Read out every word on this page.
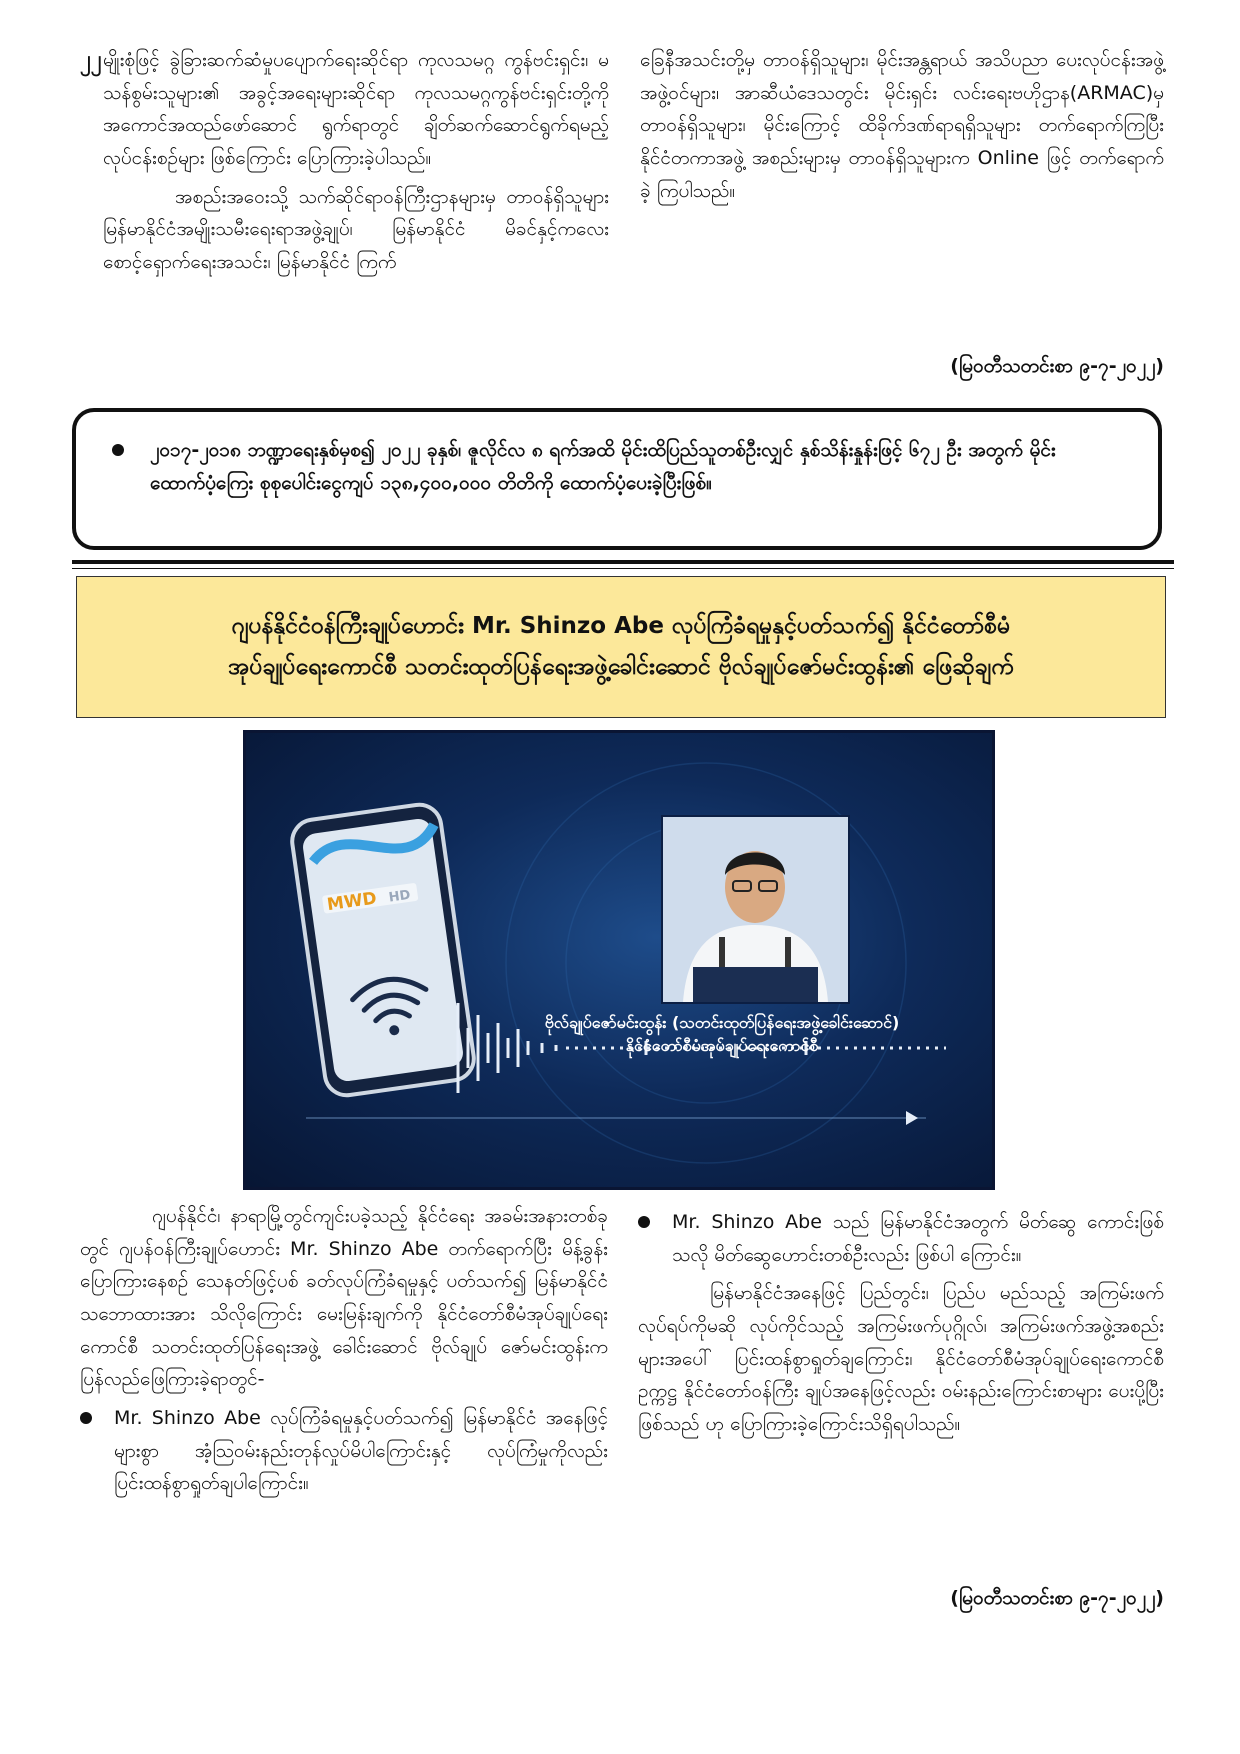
၂၂ မျိုးစုံဖြင့် ခွဲခြားဆက်ဆံမှုပပျောက်ရေးဆိုင်ရာ ကုလသမဂ္ဂ ကွန်ဗင်းရှင်း၊ မသန်စွမ်းသူများ၏ အခွင့်အရေးများဆိုင်ရာ ကုလသမဂ္ဂကွန်ဗင်းရှင်းတို့ကို အကောင်အထည်ဖော်ဆောင် ရွက်ရာတွင် ချိတ်ဆက်ဆောင်ရွက်ရမည့်လုပ်ငန်းစဉ်များ ဖြစ်ကြောင်း ပြောကြားခဲ့ပါသည်။

အစည်းအဝေးသို့ သက်ဆိုင်ရာဝန်ကြီးဌာနများမှ တာဝန်ရှိသူများ မြန်မာနိုင်ငံအမျိုးသမီးရေးရာအဖွဲ့ချုပ်၊ မြန်မာနိုင်ငံ မိခင်နှင့်ကလေးစောင့်ရှောက်ရေးအသင်း၊ မြန်မာနိုင်ငံ ကြက်

ခြေနီအသင်းတို့မှ တာဝန်ရှိသူများ၊ မိုင်းအန္တရာယ် အသိပညာ ပေးလုပ်ငန်းအဖွဲ့ အဖွဲ့ဝင်များ၊ အာဆီယံဒေသတွင်း မိုင်းရှင်း လင်းရေးဗဟိုဌာန(ARMAC)မှ တာဝန်ရှိသူများ၊ မိုင်းကြောင့် ထိခိုက်ဒဏ်ရာရရှိသူများ တက်ရောက်ကြပြီး နိုင်ငံတကာအဖွဲ့ အစည်းများမှ တာဝန်ရှိသူများက Online ဖြင့် တက်ရောက်ခဲ့ ကြပါသည်။

(မြဝတီသတင်းစာ ၉-၇-၂၀၂၂)
၂၀၁၇-၂၀၁၈ ဘဏ္ဍာရေးနှစ်မှစ၍ ၂၀၂၂ ခုနှစ်၊ ဇူလိုင်လ ၈ ရက်အထိ မိုင်းထိပြည်သူတစ်ဦးလျှင် နှစ်သိန်းနှုန်းဖြင့် ၆၇၂ ဦး အတွက် မိုင်းထောက်ပံ့ကြေး စုစုပေါင်းငွေကျပ် ၁၃၈,၄၀၀,၀၀၀ တိတိကို ထောက်ပံ့ပေးခဲ့ပြီးဖြစ်။
ဂျပန်နိုင်ငံဝန်ကြီးချုပ်ဟောင်း Mr. Shinzo Abe လုပ်ကြံခံရမှုနှင့်ပတ်သက်၍ နိုင်ငံတော်စီမံ
အုပ်ချုပ်ရေးကောင်စီ သတင်းထုတ်ပြန်ရေးအဖွဲ့ခေါင်းဆောင် ဗိုလ်ချုပ်ဇော်မင်းထွန်း၏ ဖြေဆိုချက်
MWD HD
ဗိုလ်ချုပ်ဇော်မင်းထွန်း (သတင်းထုတ်ပြန်ရေးအဖွဲ့ခေါင်းဆောင်)
နိုင်ငံတော်စီမံအုပ်ချုပ်ရေးကောင်စီ

ဂျပန်နိုင်ငံ၊ နာရာမြို့တွင်ကျင်းပခဲ့သည့် နိုင်ငံရေး အခမ်းအနားတစ်ခုတွင် ဂျပန်ဝန်ကြီးချုပ်ဟောင်း Mr. Shinzo Abe တက်ရောက်ပြီး မိန့်ခွန်းပြောကြားနေစဉ် သေနတ်ဖြင့်ပစ် ခတ်လုပ်ကြံခံရမှုနှင့် ပတ်သက်၍ မြန်မာနိုင်ငံသဘောထားအား သိလိုကြောင်း မေးမြန်းချက်ကို နိုင်ငံတော်စီမံအုပ်ချုပ်ရေး ကောင်စီ သတင်းထုတ်ပြန်ရေးအဖွဲ့ ခေါင်းဆောင် ဗိုလ်ချုပ် ဇော်မင်းထွန်းက ပြန်လည်ဖြေကြားခဲ့ရာတွင်-

Mr. Shinzo Abe လုပ်ကြံခံရမှုနှင့်ပတ်သက်၍ မြန်မာနိုင်ငံ အနေဖြင့်များစွာ အံ့သြဝမ်းနည်းတုန်လှုပ်မိပါကြောင်းနှင့် လုပ်ကြံမှုကိုလည်း ပြင်းထန်စွာရှုတ်ချပါကြောင်း။
Mr. Shinzo Abe သည် မြန်မာနိုင်ငံအတွက် မိတ်ဆွေ ကောင်းဖြစ်သလို မိတ်ဆွေဟောင်းတစ်ဦးလည်း ဖြစ်ပါ ကြောင်း။

မြန်မာနိုင်ငံအနေဖြင့် ပြည်တွင်း၊ ပြည်ပ မည်သည့် အကြမ်းဖက်လုပ်ရပ်ကိုမဆို လုပ်ကိုင်သည့် အကြမ်းဖက်ပုဂ္ဂိုလ်၊ အကြမ်းဖက်အဖွဲ့အစည်းများအပေါ် ပြင်းထန်စွာရှုတ်ချကြောင်း၊ နိုင်ငံတော်စီမံအုပ်ချုပ်ရေးကောင်စီဥက္ကဋ္ဌ နိုင်ငံတော်ဝန်ကြီး ချုပ်အနေဖြင့်လည်း ဝမ်းနည်းကြောင်းစာများ ပေးပို့ပြီးဖြစ်သည် ဟု ပြောကြားခဲ့ကြောင်းသိရှိရပါသည်။

(မြဝတီသတင်းစာ ၉-၇-၂၀၂၂)
